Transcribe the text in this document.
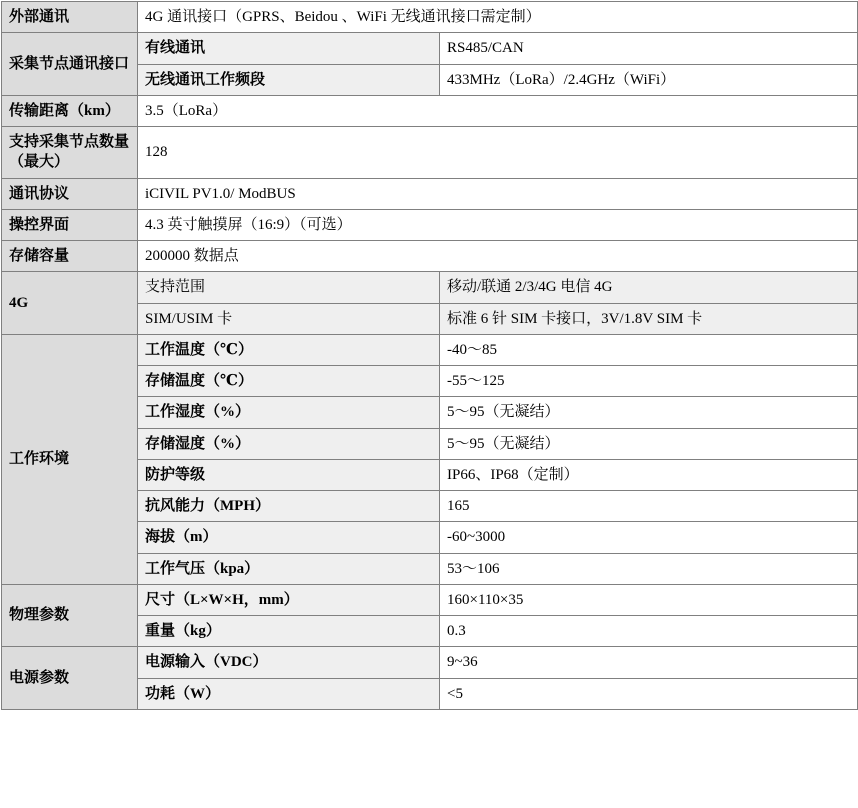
外部通讯	4G 通讯接口（GPRS、Beidou 、WiFi 无线通讯接口需定制）	
采集节点通讯接口	有线通讯	RS485/CAN
	无线通讯工作频段	433MHz（LoRa）/2.4GHz（WiFi）
传输距离（km）	3.5（LoRa）	
支持采集节点数量（最大）	128	
通讯协议	iCIVIL PV1.0/ ModBUS	
操控界面	4.3 英寸触摸屏（16:9）（可选）	
存储容量	200000 数据点	
4G	支持范围	移动/联通 2/3/4G 电信 4G
	SIM/USIM 卡	标准 6 针 SIM 卡接口，3V/1.8V SIM 卡
工作环境	工作温度（℃）	-40～85
	存储温度（℃）	-55～125
	工作湿度（%）	5～95（无凝结）
	存储湿度（%）	5～95（无凝结）
	防护等级	IP66、IP68（定制）
	抗风能力（MPH）	165
	海拔（m）	-60~3000
	工作气压（kpa）	53～106
物理参数	尺寸（L×W×H，mm）	160×110×35
	重量（kg）	0.3
电源参数	电源输入（VDC）	9~36
	功耗（W）	<5
